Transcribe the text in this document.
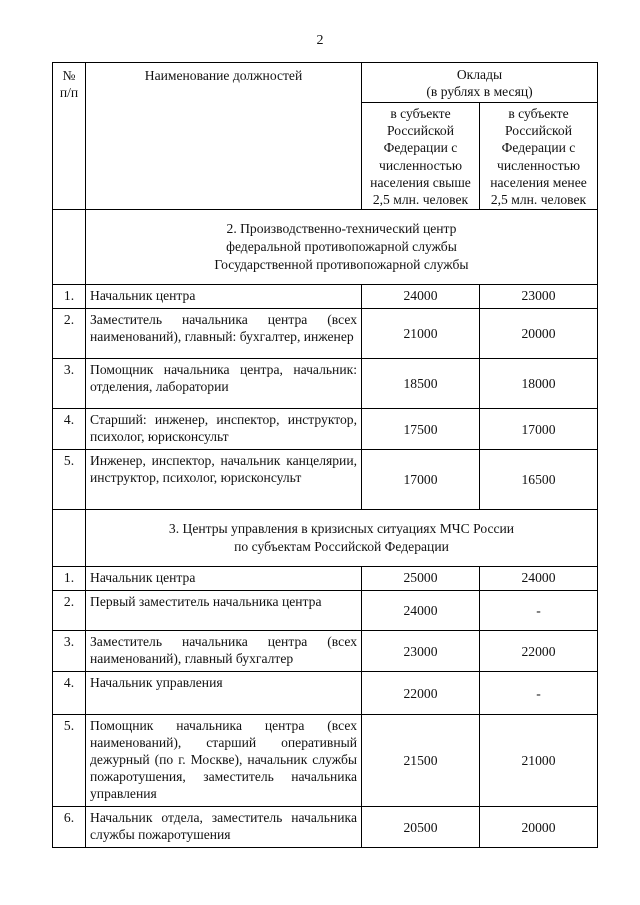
2
№
п/п	Наименование должностей	Оклады
(в рублях в месяц)	
		в субъекте Российской Федерации с численностью населения свыше 2,5 млн. человек	в субъекте Российской Федерации с численностью населения менее 2,5 млн. человек
	2. Производственно-технический центр
федеральной противопожарной службы
Государственной противопожарной службы		
1.	Начальник центра	24000	23000
2.	Заместитель начальника центра (всех наименований), главный: бухгалтер, инженер	21000	20000
3.	Помощник начальника центра, начальник: отделения, лаборатории	18500	18000
4.	Старший: инженер, инспектор, инструктор, психолог, юрисконсульт	17500	17000
5.	Инженер, инспектор, начальник канцелярии, инструктор, психолог, юрисконсульт	17000	16500
	3. Центры управления в кризисных ситуациях МЧС России
по субъектам Российской Федерации		
1.	Начальник центра	25000	24000
2.	Первый заместитель начальника центра	24000	-
3.	Заместитель начальника центра (всех наименований), главный бухгалтер	23000	22000
4.	Начальник управления	22000	-
5.	Помощник начальника центра (всех наименований), старший оперативный дежурный (по г. Москве), начальник службы пожаротушения, заместитель начальника управления	21500	21000
6.	Начальник отдела, заместитель начальника службы пожаротушения	20500	20000
